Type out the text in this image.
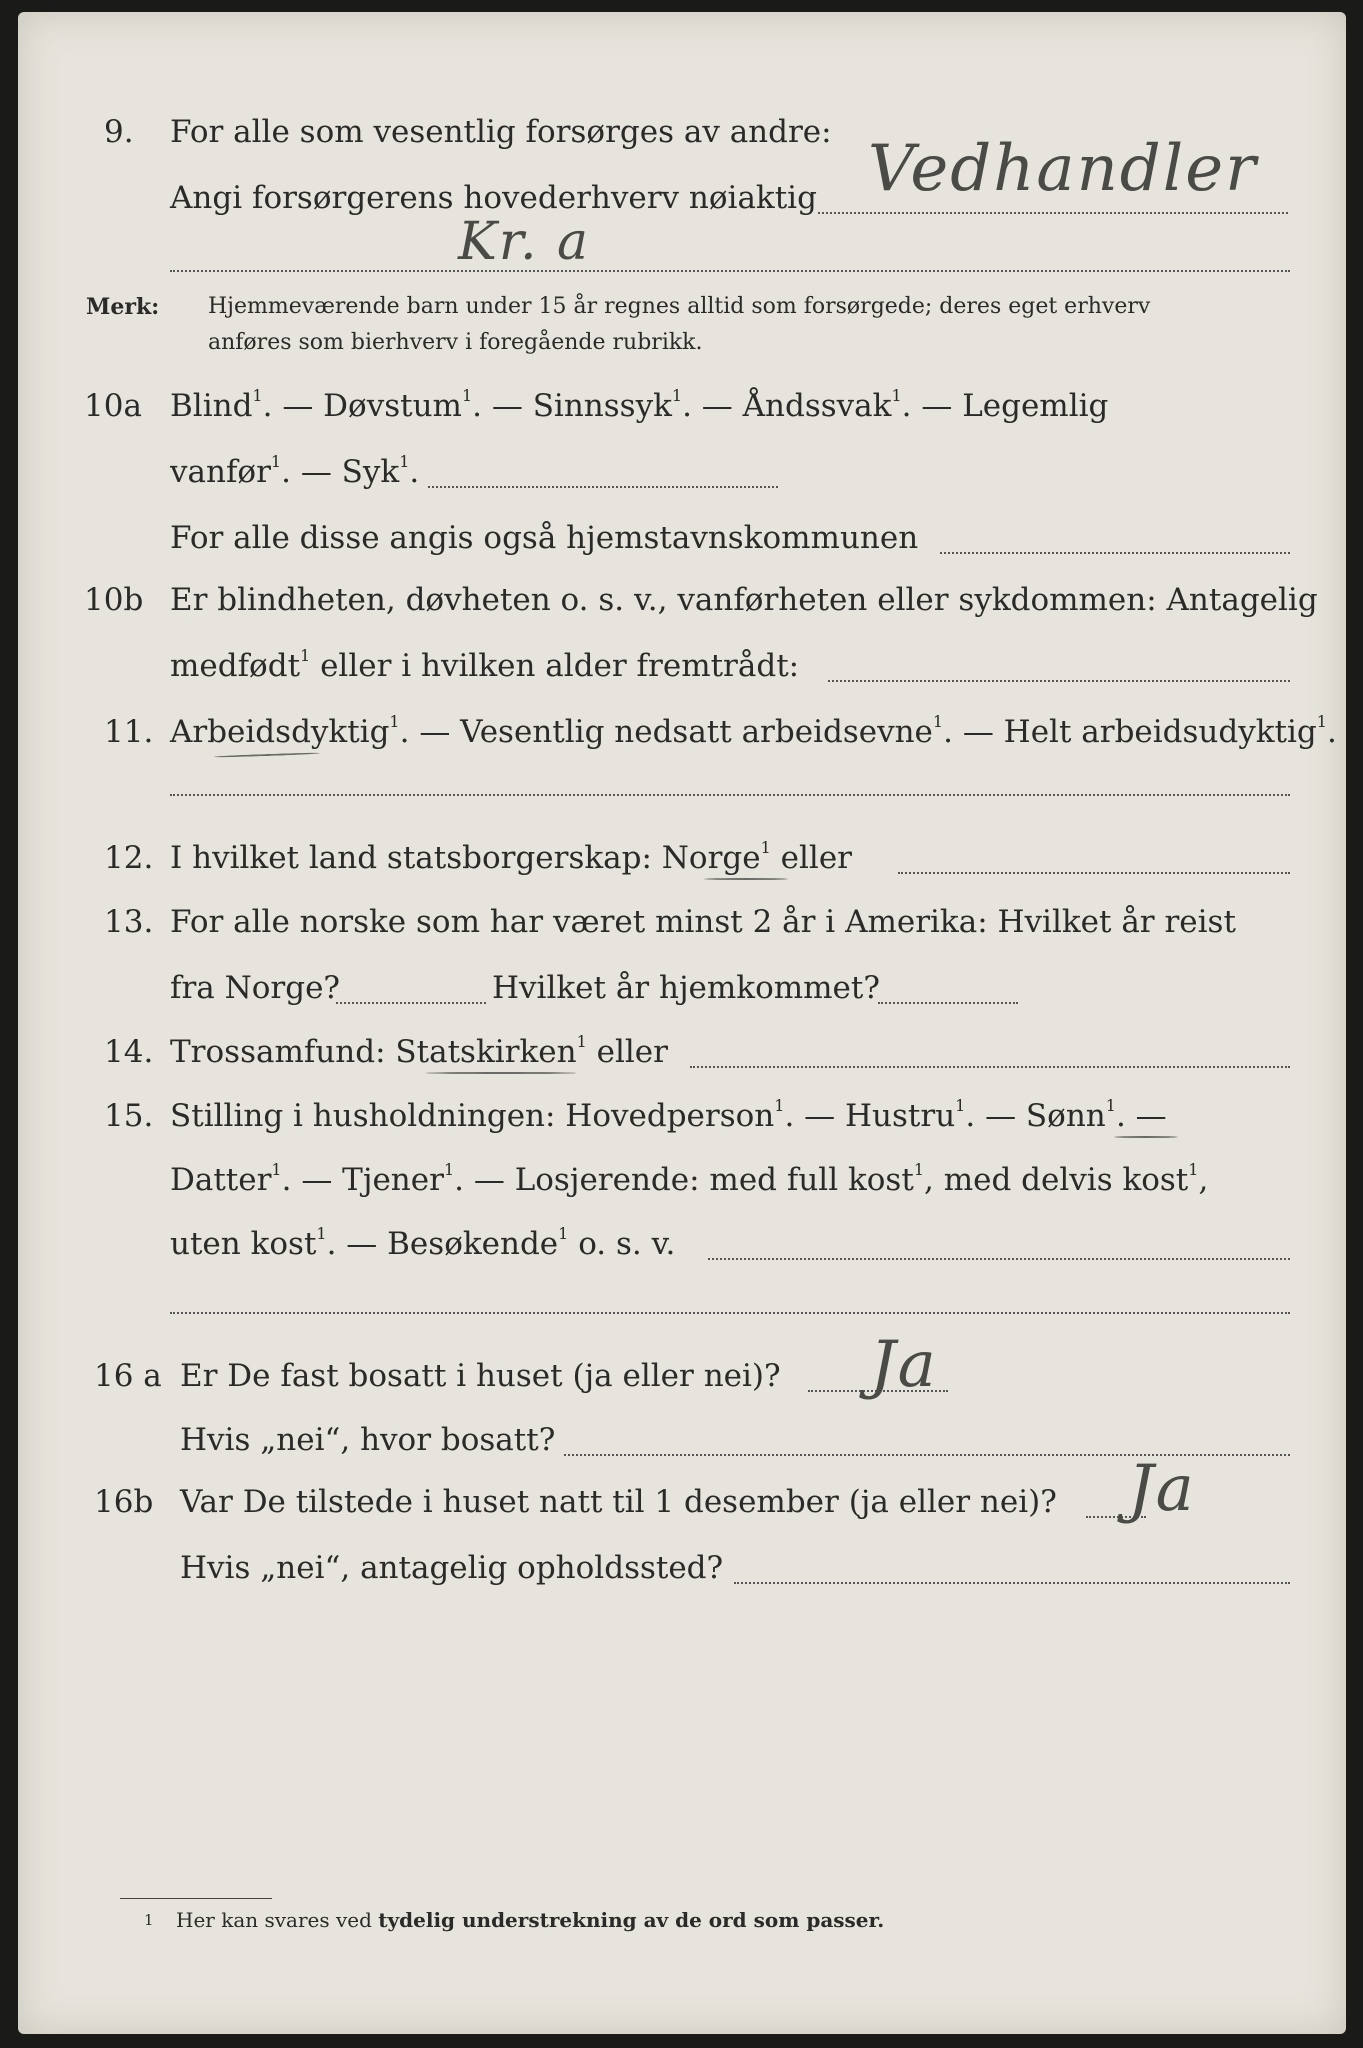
9. For alle som vesentlig forsørges av andre:
Angi forsørgerens hovederhverv nøiaktig Vedhandler
Kr. a
Merk: Hjemmeværende barn under 15 år regnes alltid som forsørgede; deres eget erhverv
anføres som bierhverv i foregående rubrikk.
10a Blind$^1$. — Døvstum$^1$. — Sinnssyk$^1$. — Åndssvak$^1$. — Legemlig
vanfør$^1$. — Syk$^1$.
For alle disse angis også hjemstavnskommunen
10b Er blindheten, døvheten o. s. v., vanførheten eller sykdommen: Antagelig
medfødt$^1$ eller i hvilken alder fremtrådt:
11. Arbeidsdyktig$^1$. — Vesentlig nedsatt arbeidsevne$^1$. — Helt arbeidsudyktig$^1$.
12. I hvilket land statsborgerskap: Norge$^1$ eller
13. For alle norske som har været minst 2 år i Amerika: Hvilket år reist
fra Norge?	Hvilket år hjemkommet?
14. Trossamfund: Statskirken$^1$ eller
15. Stilling i husholdningen: Hovedperson$^1$. — Hustru$^1$. — Sønn$^1$. —
Datter$^1$. — Tjener$^1$. — Losjerende: med full kost$^1$, med delvis kost$^1$,
uten kost$^1$. — Besøkende$^1$ o. s. v.
16 a Er De fast bosatt i huset (ja eller nei)? Ja
Hvis „nei“, hvor bosatt?
16b Var De tilstede i huset natt til 1 desember (ja eller nei)? Ja
Hvis „nei“, antagelig opholdssted?
1 Her kan svares ved tydelig understrekning av de ord som passer.
